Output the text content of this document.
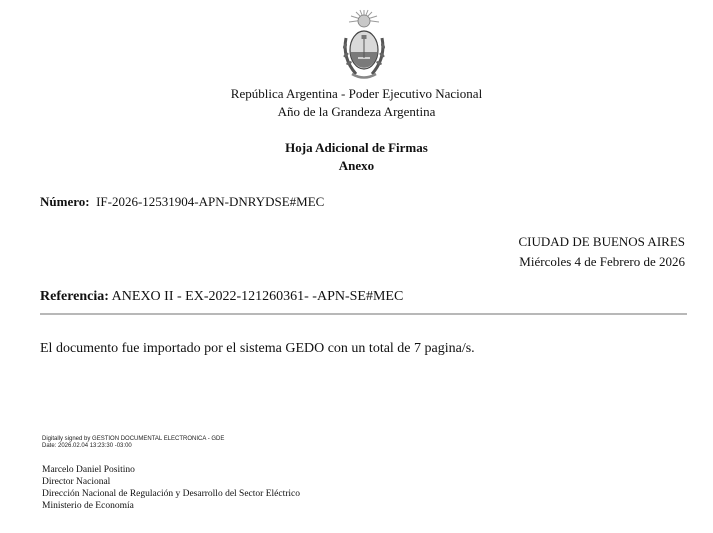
República Argentina - Poder Ejecutivo Nacional
Año de la Grandeza Argentina
Hoja Adicional de Firmas
Anexo
Número: IF-2026-12531904-APN-DNRYDSE#MEC
CIUDAD DE BUENOS AIRES
Miércoles 4 de Febrero de 2026
Referencia: ANEXO II - EX-2022-121260361- -APN-SE#MEC
El documento fue importado por el sistema GEDO con un total de 7 pagina/s.
Digitally signed by GESTION DOCUMENTAL ELECTRONICA - GDE
Date: 2026.02.04 13:23:30 -03:00
Marcelo Daniel Positino
Director Nacional
Dirección Nacional de Regulación y Desarrollo del Sector Eléctrico
Ministerio de Economía
